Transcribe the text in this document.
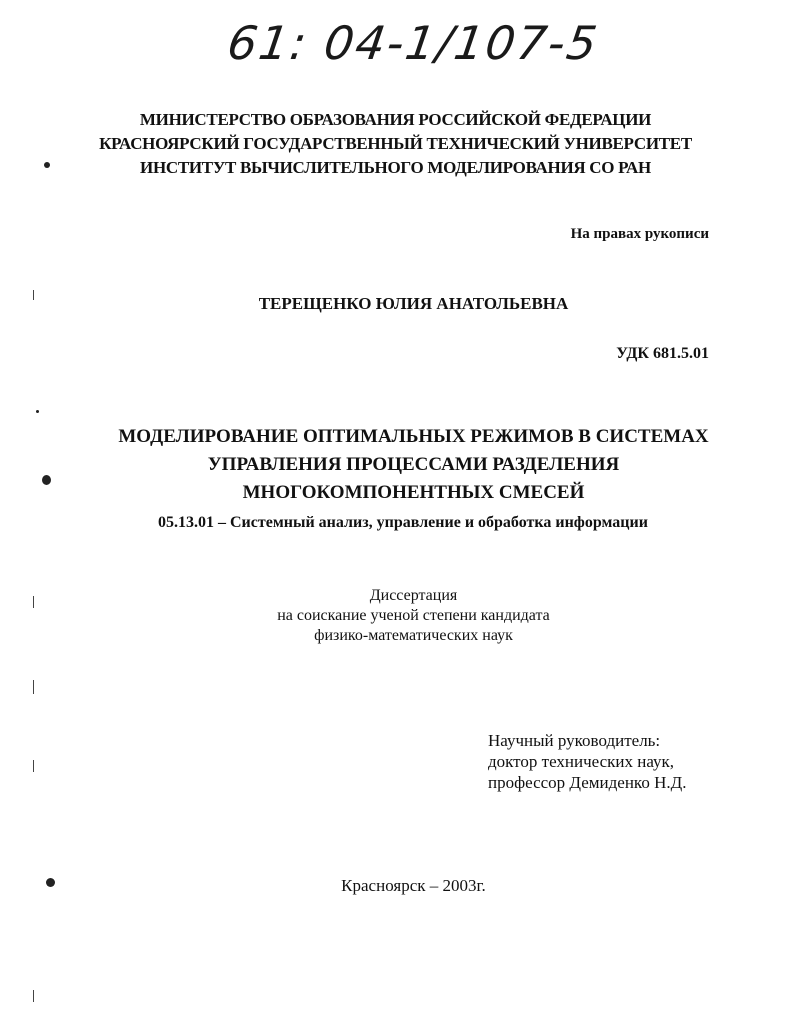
61: 04-1/107-5
МИНИСТЕРСТВО ОБРАЗОВАНИЯ РОССИЙСКОЙ ФЕДЕРАЦИИ
КРАСНОЯРСКИЙ ГОСУДАРСТВЕННЫЙ ТЕХНИЧЕСКИЙ УНИВЕРСИТЕТ
ИНСТИТУТ ВЫЧИСЛИТЕЛЬНОГО МОДЕЛИРОВАНИЯ СО РАН
На правах рукописи
ТЕРЕЩЕНКО ЮЛИЯ АНАТОЛЬЕВНА
УДК 681.5.01
МОДЕЛИРОВАНИЕ ОПТИМАЛЬНЫХ РЕЖИМОВ В СИСТЕМАХ
УПРАВЛЕНИЯ ПРОЦЕССАМИ РАЗДЕЛЕНИЯ
МНОГОКОМПОНЕНТНЫХ СМЕСЕЙ
05.13.01 – Системный анализ, управление и обработка информации
Диссертация
на соискание ученой степени кандидата
физико-математических наук
Научный руководитель:
доктор технических наук,
профессор Демиденко Н.Д.
Красноярск – 2003г.
